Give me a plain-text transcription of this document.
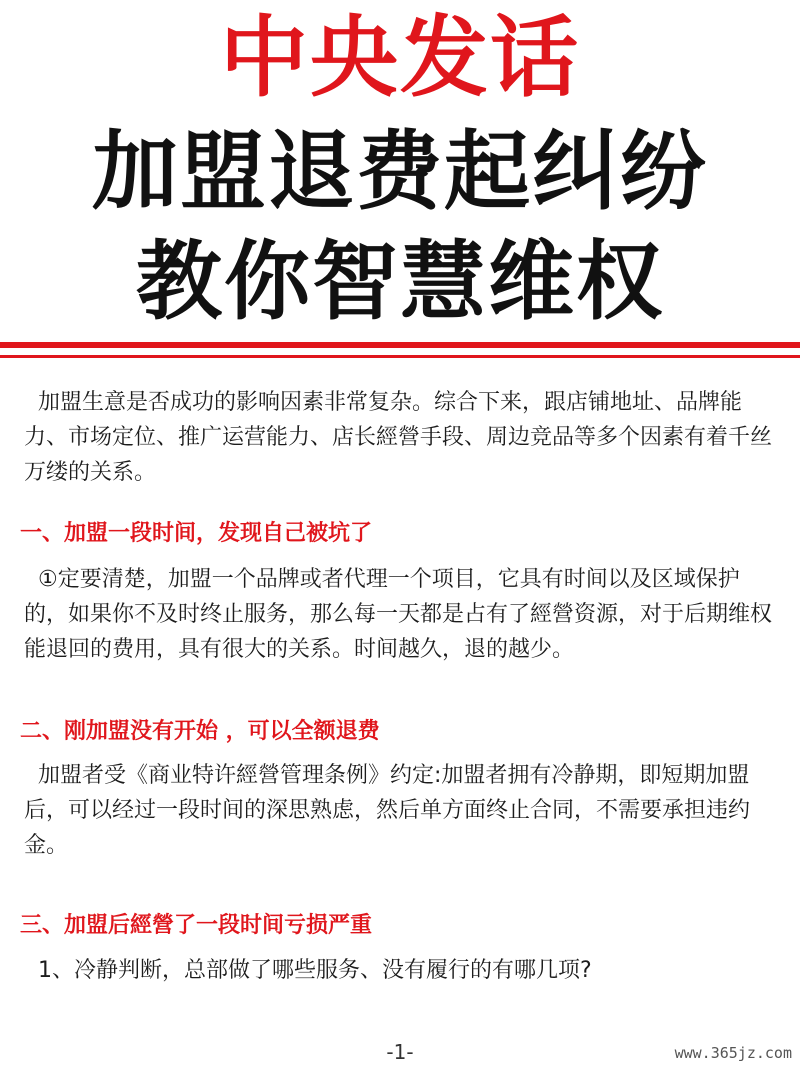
中央发话
加盟退费起纠纷
教你智慧维权
加盟生意是否成功的影响因素非常复杂。综合下来，跟店铺地址、品牌能力、市场定位、推广运营能力、店长經營手段、周边竞品等多个因素有着千丝万缕的关系。
一、加盟一段时间，发现自己被坑了
①定要清楚，加盟一个品牌或者代理一个项目，它具有时间以及区域保护的，如果你不及时终止服务，那么每一天都是占有了經營资源，对于后期维权能退回的费用，具有很大的关系。时间越久，退的越少。
二、刚加盟没有开始 ，可以全额退费
加盟者受《商业特许經營管理条例》约定:加盟者拥有冷静期，即短期加盟后，可以经过一段时间的深思熟虑，然后单方面终止合同，不需要承担违约金。
三、加盟后經營了一段时间亏损严重
1、冷静判断，总部做了哪些服务、没有履行的有哪几项?
-1-	www.365jz.com
